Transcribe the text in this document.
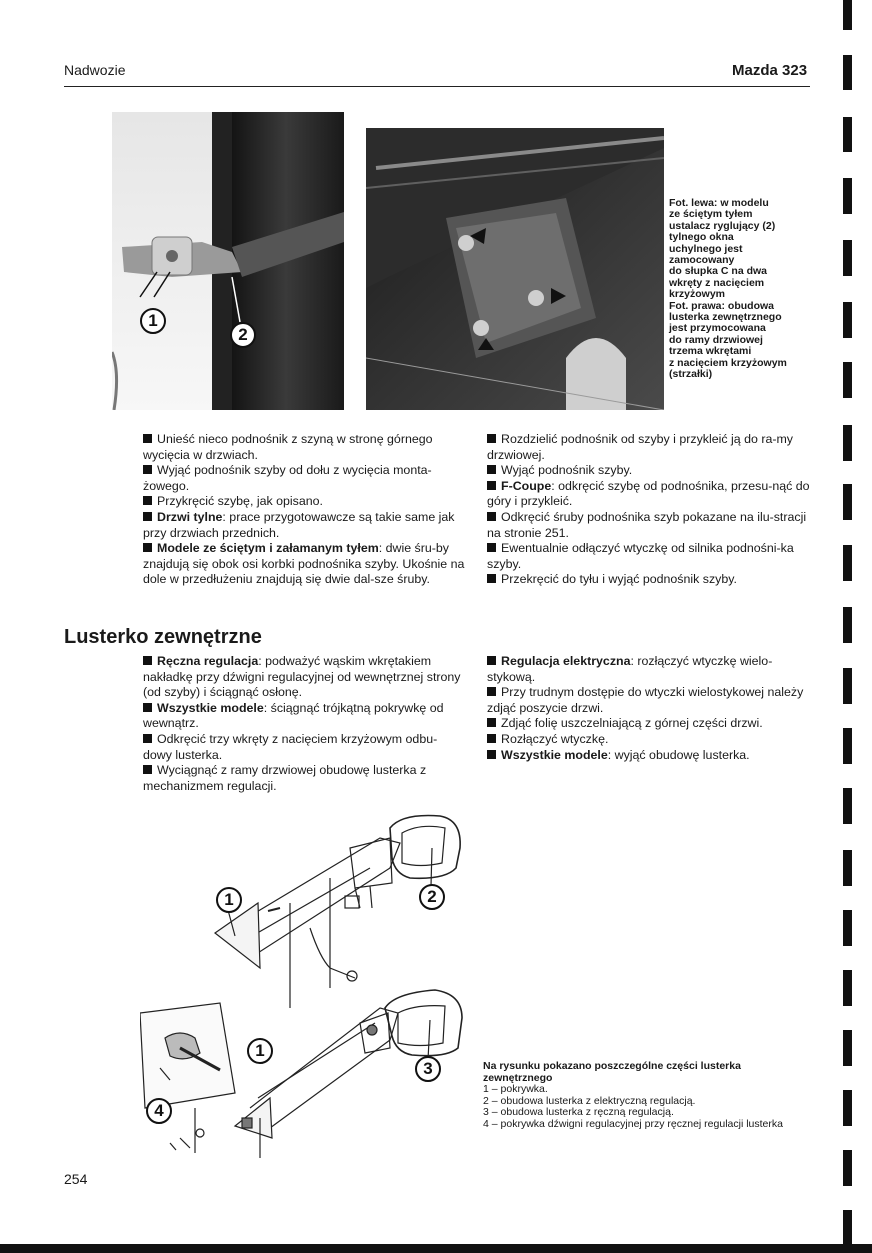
Nadwozie	Mazda 323
1
2
Fot. lewa: w modelu
ze ściętym tyłem
ustalacz ryglujący (2)
tylnego okna
uchylnego jest
zamocowany
do słupka C na dwa
wkręty z nacięciem
krzyżowym
Fot. prawa: obudowa
lusterka zewnętrznego
jest przymocowana
do ramy drzwiowej
trzema wkrętami
z nacięciem krzyżowym
(strzałki)

Unieść nieco podnośnik z szyną w stronę górnego wycięcia w drzwiach.

Wyjąć podnośnik szyby od dołu z wycięcia monta-żowego.

Przykręcić szybę, jak opisano.

Drzwi tylne: prace przygotowawcze są takie same jak przy drzwiach przednich.

Modele ze ściętym i załamanym tyłem: dwie śru-by znajdują się obok osi korbki podnośnika szyby. Ukośnie na dole w przedłużeniu znajdują się dwie dal-sze śruby.

Rozdzielić podnośnik od szyby i przykleić ją do ra-my drzwiowej.

Wyjąć podnośnik szyby.

F-Coupe: odkręcić szybę od podnośnika, przesu-nąć do góry i przykleić.

Odkręcić śruby podnośnika szyb pokazane na ilu-stracji na stronie 251.

Ewentualnie odłączyć wtyczkę od silnika podnośni-ka szyby.

Przekręcić do tyłu i wyjąć podnośnik szyby.

Lusterko zewnętrzne

Ręczna regulacja: podważyć wąskim wkrętakiem nakładkę przy dźwigni regulacyjnej od wewnętrznej strony (od szyby) i ściągnąć osłonę.

Wszystkie modele: ściągnąć trójkątną pokrywkę od wewnątrz.

Odkręcić trzy wkręty z nacięciem krzyżowym odbu-dowy lusterka.

Wyciągnąć z ramy drzwiowej obudowę lusterka z mechanizmem regulacji.

Regulacja elektryczna: rozłączyć wtyczkę wielo-stykową.

Przy trudnym dostępie do wtyczki wielostykowej należy zdjąć poszycie drzwi.

Zdjąć folię uszczelniającą z górnej części drzwi.

Rozłączyć wtyczkę.

Wszystkie modele: wyjąć obudowę lusterka.

1	2
1
3
4
Na rysunku pokazano poszczególne części lusterka zewnętrznego
1 – pokrywka.
2 – obudowa lusterka z elektryczną regulacją.
3 – obudowa lusterka z ręczną regulacją.
4 – pokrywka dźwigni regulacyjnej przy ręcznej regulacji lusterka
254
